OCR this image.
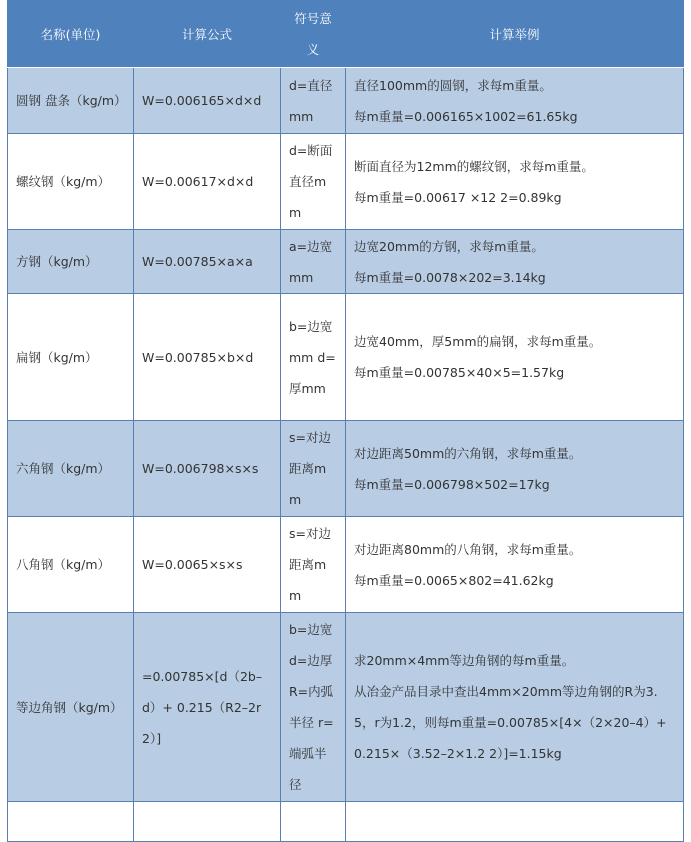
名称(单位)	计算公式	符号意义	计算举例
圆钢 盘条（kg/m）	W=0.006165×d×d	d=直径mm	直径100mm的圆钢，求每m重量。
每m重量=0.006165×1002=61.65kg

螺纹钢（kg/m）	W=0.00617×d×d	d=断面直径mm	断面直径为12mm的螺纹钢，求每m重量。
每m重量=0.00617 ×12 2=0.89kg

方钢（kg/m）	W=0.00785×a×a	a=边宽mm	边宽20mm的方钢，求每m重量。
每m重量=0.0078×202=3.14kg

扁钢（kg/m）	W=0.00785×b×d	b=边宽mm d=厚mm	边宽40mm，厚5mm的扁钢，求每m重量。
每m重量=0.00785×40×5=1.57kg

六角钢（kg/m）	W=0.006798×s×s	s=对边距离mm	对边距离50mm的六角钢，求每m重量。
每m重量=0.006798×502=17kg

八角钢（kg/m）	W=0.0065×s×s	s=对边距离mm	对边距离80mm的八角钢，求每m重量。
每m重量=0.0065×802=41.62kg

等边角钢（kg/m）	=0.00785×[d（2b–d）+ 0.215（R2–2r2）]	b=边宽 d=边厚 R=内弧半径 r=端弧半径	求20mm×4mm等边角钢的每m重量。
从冶金产品目录中查出4mm×20mm等边角钢的R为3.5，r为1.2，则每m重量=0.00785×[4×（2×20–4）+0.215×（3.52–2×1.2 2）]=1.15kg
